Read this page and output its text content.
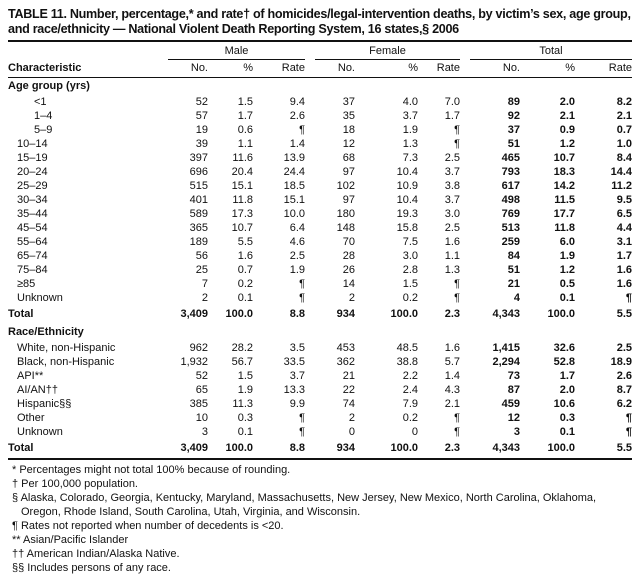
TABLE 11. Number, percentage,* and rate† of homicides/legal-intervention deaths, by victim’s sex, age group, and race/ethnicity — National Violent Death Reporting System, 16 states,§ 2006

	Male			Female			Total		

Characteristic	No.	%	Rate	No.	%	Rate	No.	%	Rate
Age group (yrs)									
<1	52	1.5	9.4	37	4.0	7.0	89	2.0	8.2
1–4	57	1.7	2.6	35	3.7	1.7	92	2.1	2.1
5–9	19	0.6	¶	18	1.9	¶	37	0.9	0.7
10–14	39	1.1	1.4	12	1.3	¶	51	1.2	1.0
15–19	397	11.6	13.9	68	7.3	2.5	465	10.7	8.4
20–24	696	20.4	24.4	97	10.4	3.7	793	18.3	14.4
25–29	515	15.1	18.5	102	10.9	3.8	617	14.2	11.2
30–34	401	11.8	15.1	97	10.4	3.7	498	11.5	9.5
35–44	589	17.3	10.0	180	19.3	3.0	769	17.7	6.5
45–54	365	10.7	6.4	148	15.8	2.5	513	11.8	4.4
55–64	189	5.5	4.6	70	7.5	1.6	259	6.0	3.1
65–74	56	1.6	2.5	28	3.0	1.1	84	1.9	1.7
75–84	25	0.7	1.9	26	2.8	1.3	51	1.2	1.6
≥85	7	0.2	¶	14	1.5	¶	21	0.5	1.6
Unknown	2	0.1	¶	2	0.2	¶	4	0.1	¶
Total	3,409	100.0	8.8	934	100.0	2.3	4,343	100.0	5.5
Race/Ethnicity									
White, non-Hispanic	962	28.2	3.5	453	48.5	1.6	1,415	32.6	2.5
Black, non-Hispanic	1,932	56.7	33.5	362	38.8	5.7	2,294	52.8	18.9
API**	52	1.5	3.7	21	2.2	1.4	73	1.7	2.6
AI/AN††	65	1.9	13.3	22	2.4	4.3	87	2.0	8.7
Hispanic§§	385	11.3	9.9	74	7.9	2.1	459	10.6	6.2
Other	10	0.3	¶	2	0.2	¶	12	0.3	¶
Unknown	3	0.1	¶	0	0	¶	3	0.1	¶
Total	3,409	100.0	8.8	934	100.0	2.3	4,343	100.0	5.5
* Percentages might not total 100% because of rounding.
† Per 100,000 population.
§ Alaska, Colorado, Georgia, Kentucky, Maryland, Massachusetts, New Jersey, New Mexico, North Carolina, Oklahoma,
Oregon, Rhode Island, South Carolina, Utah, Virginia, and Wisconsin.
¶ Rates not reported when number of decedents is <20.
** Asian/Pacific Islander
†† American Indian/Alaska Native.
§§ Includes persons of any race.
